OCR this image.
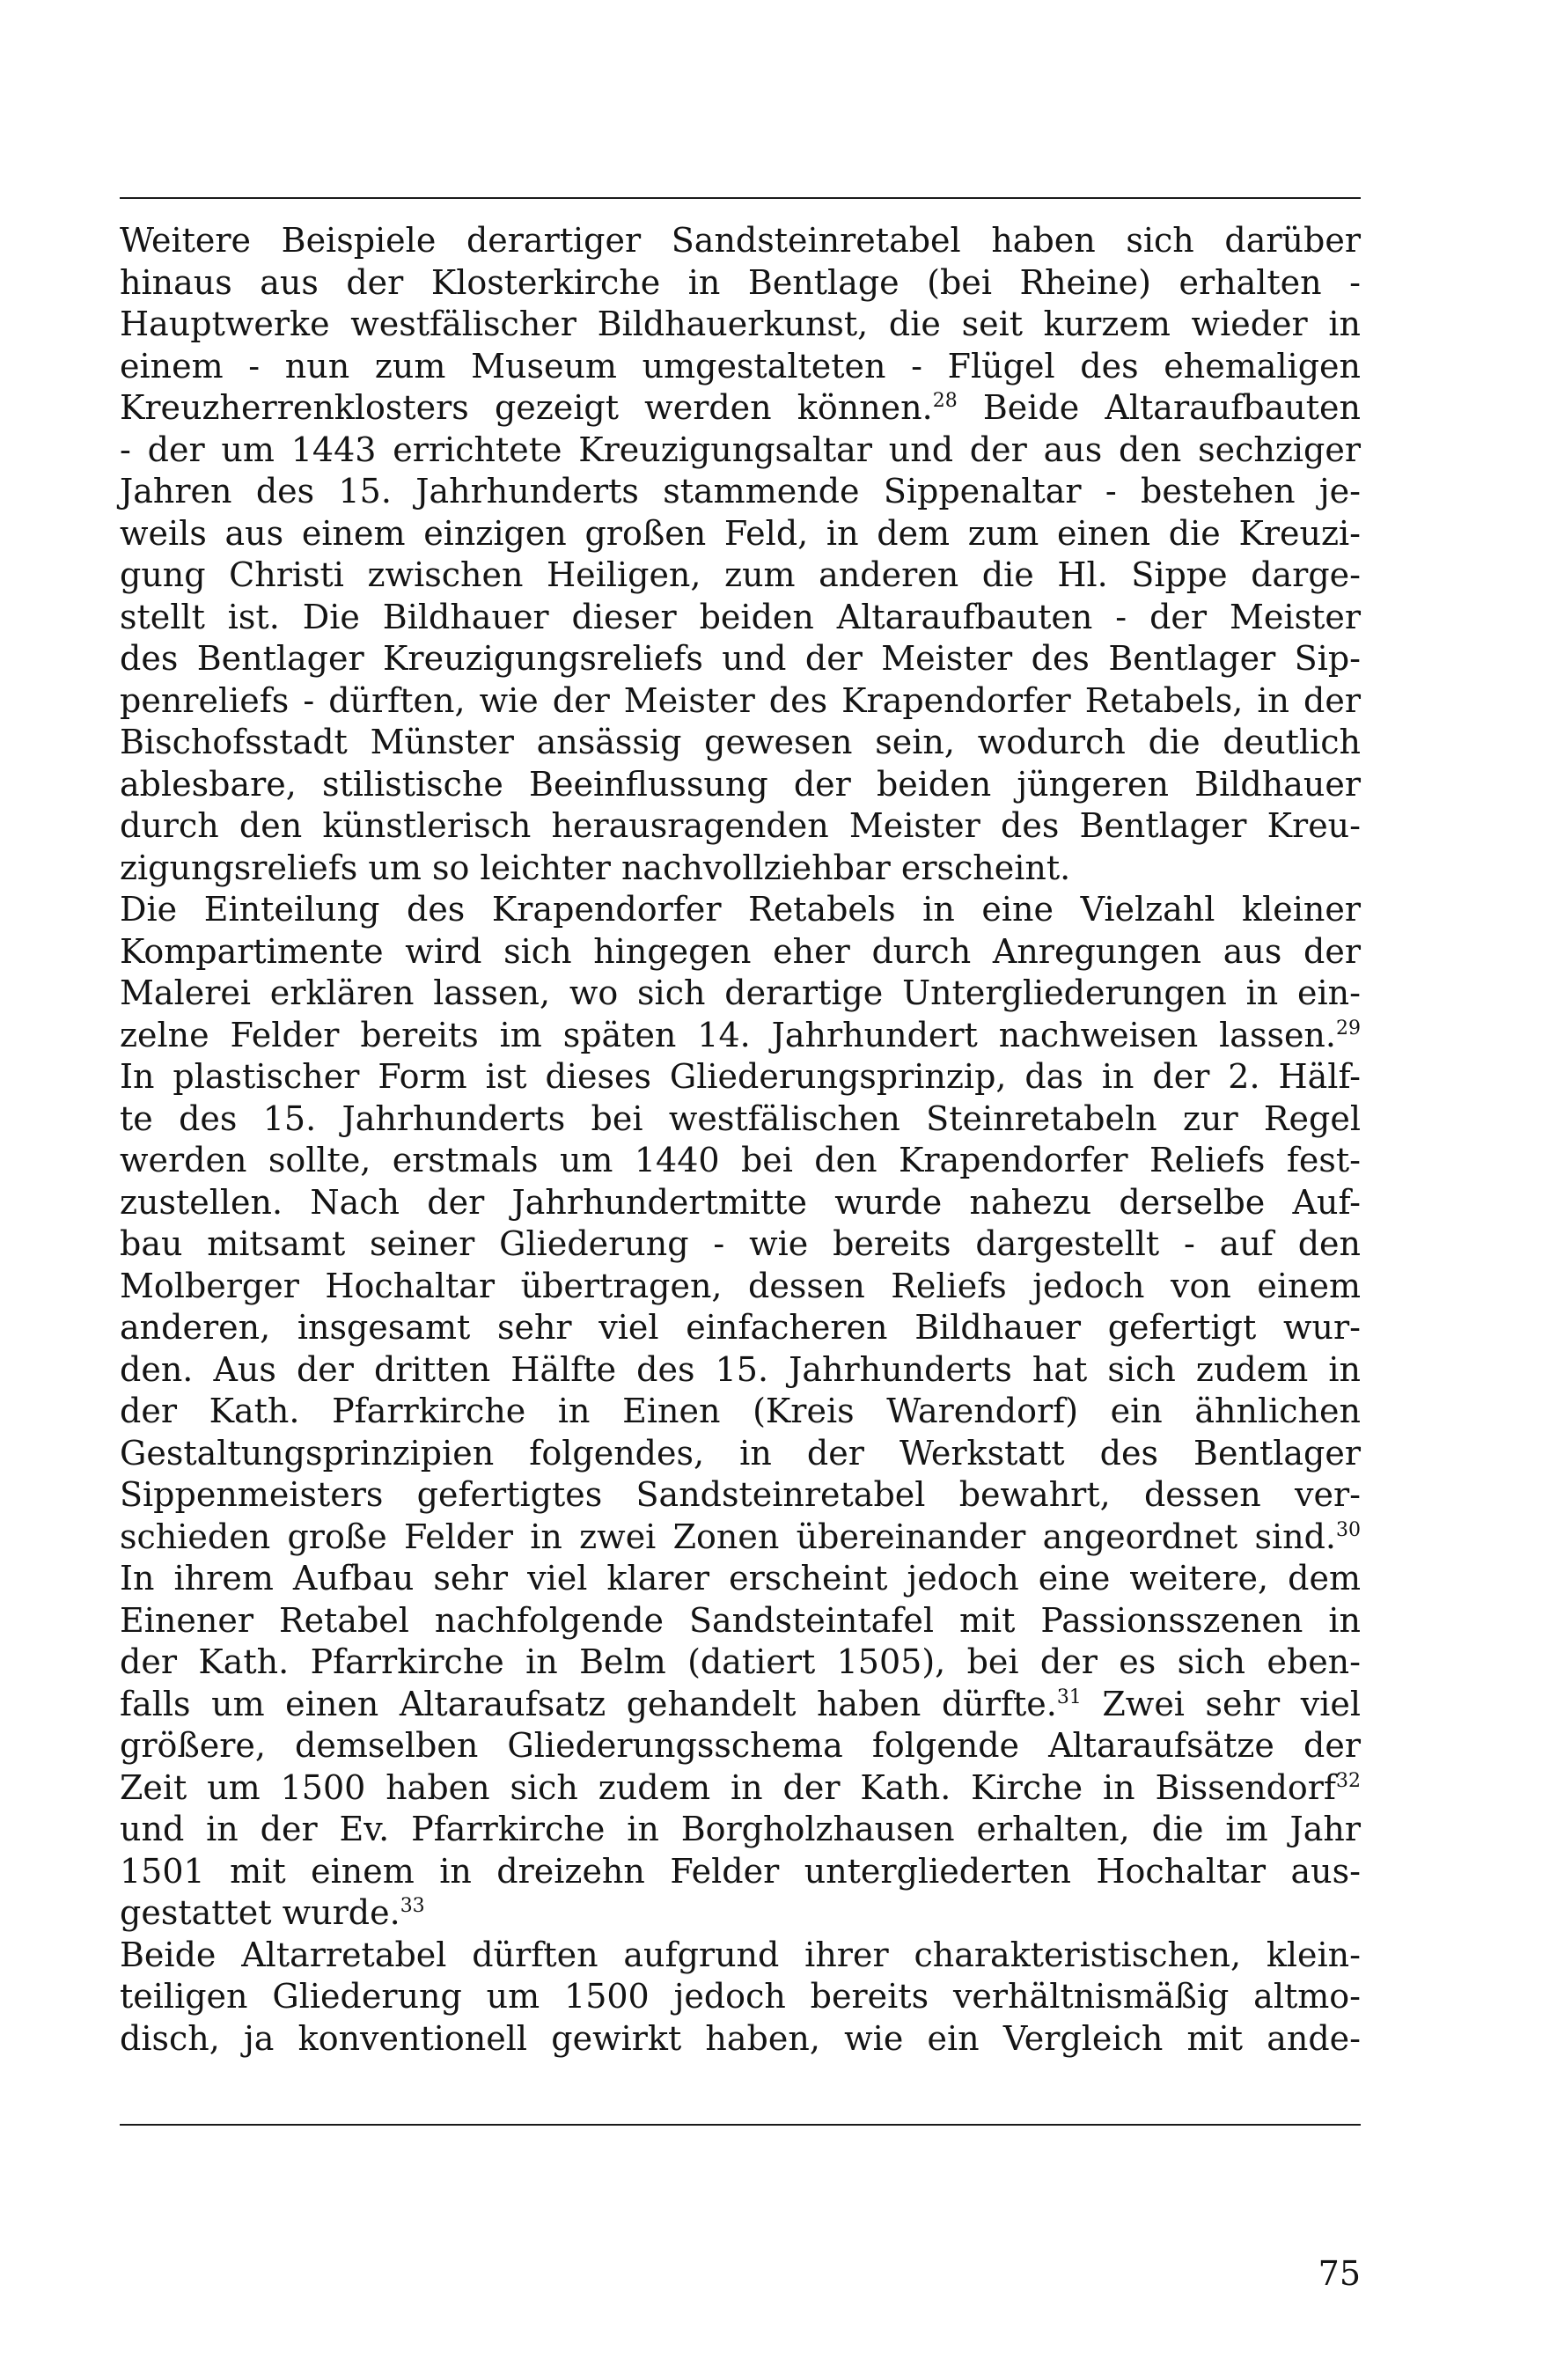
Weitere Beispiele derartiger Sandsteinretabel haben sich darüber
hinaus aus der Klosterkirche in Bentlage (bei Rheine) erhalten -
Hauptwerke westfälischer Bildhauerkunst, die seit kurzem wieder in
einem - nun zum Museum umgestalteten - Flügel des ehemaligen
Kreuzherrenklosters gezeigt werden können.$^{28}$ Beide Altaraufbauten
- der um 1443 errichtete Kreuzigungsaltar und der aus den sechziger
Jahren des 15. Jahrhunderts stammende Sippenaltar - bestehen je-
weils aus einem einzigen großen Feld, in dem zum einen die Kreuzi-
gung Christi zwischen Heiligen, zum anderen die Hl. Sippe darge-
stellt ist. Die Bildhauer dieser beiden Altaraufbauten - der Meister
des Bentlager Kreuzigungsreliefs und der Meister des Bentlager Sip-
penreliefs - dürften, wie der Meister des Krapendorfer Retabels, in der
Bischofsstadt Münster ansässig gewesen sein, wodurch die deutlich
ablesbare, stilistische Beeinflussung der beiden jüngeren Bildhauer
durch den künstlerisch herausragenden Meister des Bentlager Kreu-
zigungsreliefs um so leichter nachvollziehbar erscheint.
Die Einteilung des Krapendorfer Retabels in eine Vielzahl kleiner
Kompartimente wird sich hingegen eher durch Anregungen aus der
Malerei erklären lassen, wo sich derartige Untergliederungen in ein-
zelne Felder bereits im späten 14. Jahrhundert nachweisen lassen.$^{29}$
In plastischer Form ist dieses Gliederungsprinzip, das in der 2. Hälf-
te des 15. Jahrhunderts bei westfälischen Steinretabeln zur Regel
werden sollte, erstmals um 1440 bei den Krapendorfer Reliefs fest-
zustellen. Nach der Jahrhundertmitte wurde nahezu derselbe Auf-
bau mitsamt seiner Gliederung - wie bereits dargestellt - auf den
Molberger Hochaltar übertragen, dessen Reliefs jedoch von einem
anderen, insgesamt sehr viel einfacheren Bildhauer gefertigt wur-
den. Aus der dritten Hälfte des 15. Jahrhunderts hat sich zudem in
der Kath. Pfarrkirche in Einen (Kreis Warendorf) ein ähnlichen
Gestaltungsprinzipien folgendes, in der Werkstatt des Bentlager
Sippenmeisters gefertigtes Sandsteinretabel bewahrt, dessen ver-
schieden große Felder in zwei Zonen übereinander angeordnet sind.$^{30}$
In ihrem Aufbau sehr viel klarer erscheint jedoch eine weitere, dem
Einener Retabel nachfolgende Sandsteintafel mit Passionsszenen in
der Kath. Pfarrkirche in Belm (datiert 1505), bei der es sich eben-
falls um einen Altaraufsatz gehandelt haben dürfte.$^{31}$ Zwei sehr viel
größere, demselben Gliederungsschema folgende Altaraufsätze der
Zeit um 1500 haben sich zudem in der Kath. Kirche in Bissendorf$^{32}$
und in der Ev. Pfarrkirche in Borgholzhausen erhalten, die im Jahr
1501 mit einem in dreizehn Felder untergliederten Hochaltar aus-
gestattet wurde.$^{33}$
Beide Altarretabel dürften aufgrund ihrer charakteristischen, klein-
teiligen Gliederung um 1500 jedoch bereits verhältnismäßig altmo-
disch, ja konventionell gewirkt haben, wie ein Vergleich mit ande-
75
